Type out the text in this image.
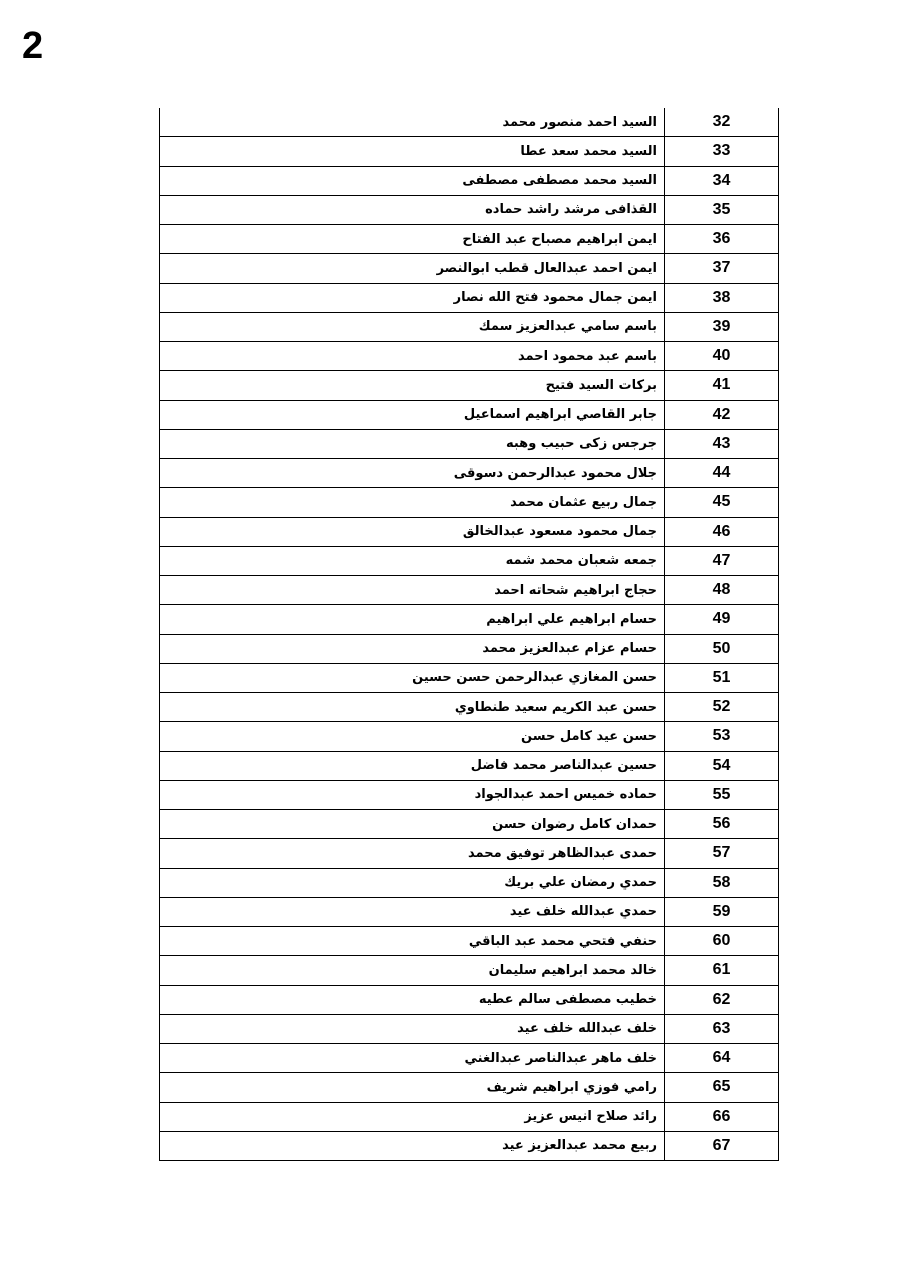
2
السيد احمد منصور محمد	32
السيد محمد سعد عطا	33
السيد محمد مصطفى مصطفى	34
القذافى مرشد راشد حماده	35
ايمن ابراهيم مصباح عبد الفتاح	36
ايمن احمد عبدالعال قطب ابوالنصر	37
ايمن جمال محمود فتح الله نصار	38
باسم سامي عبدالعزيز سمك	39
باسم عبد محمود احمد	40
بركات السيد فتيح	41
جابر القاصي ابراهيم اسماعيل	42
جرجس زكى حبيب وهبه	43
جلال محمود عبدالرحمن دسوقى	44
جمال ربيع عثمان محمد	45
جمال محمود مسعود عبدالخالق	46
جمعه شعبان محمد شمه	47
حجاج ابراهيم شحاته احمد	48
حسام ابراهيم علي ابراهيم	49
حسام عزام عبدالعزيز محمد	50
حسن المغازي عبدالرحمن حسن حسين	51
حسن عبد الكريم سعيد طنطاوي	52
حسن عيد كامل حسن	53
حسين عبدالناصر محمد فاضل	54
حماده خميس احمد عبدالجواد	55
حمدان كامل رضوان حسن	56
حمدى عبدالظاهر توفيق محمد	57
حمدي رمضان علي بريك	58
حمدي عبدالله خلف عيد	59
حنفي فتحي محمد عبد الباقي	60
خالد محمد ابراهيم سليمان	61
خطيب مصطفى سالم عطيه	62
خلف عبدالله خلف عيد	63
خلف ماهر عبدالناصر عبدالغني	64
رامي فوزي ابراهيم شريف	65
رائد صلاح انيس عزيز	66
ربيع محمد عبدالعزيز عيد	67
